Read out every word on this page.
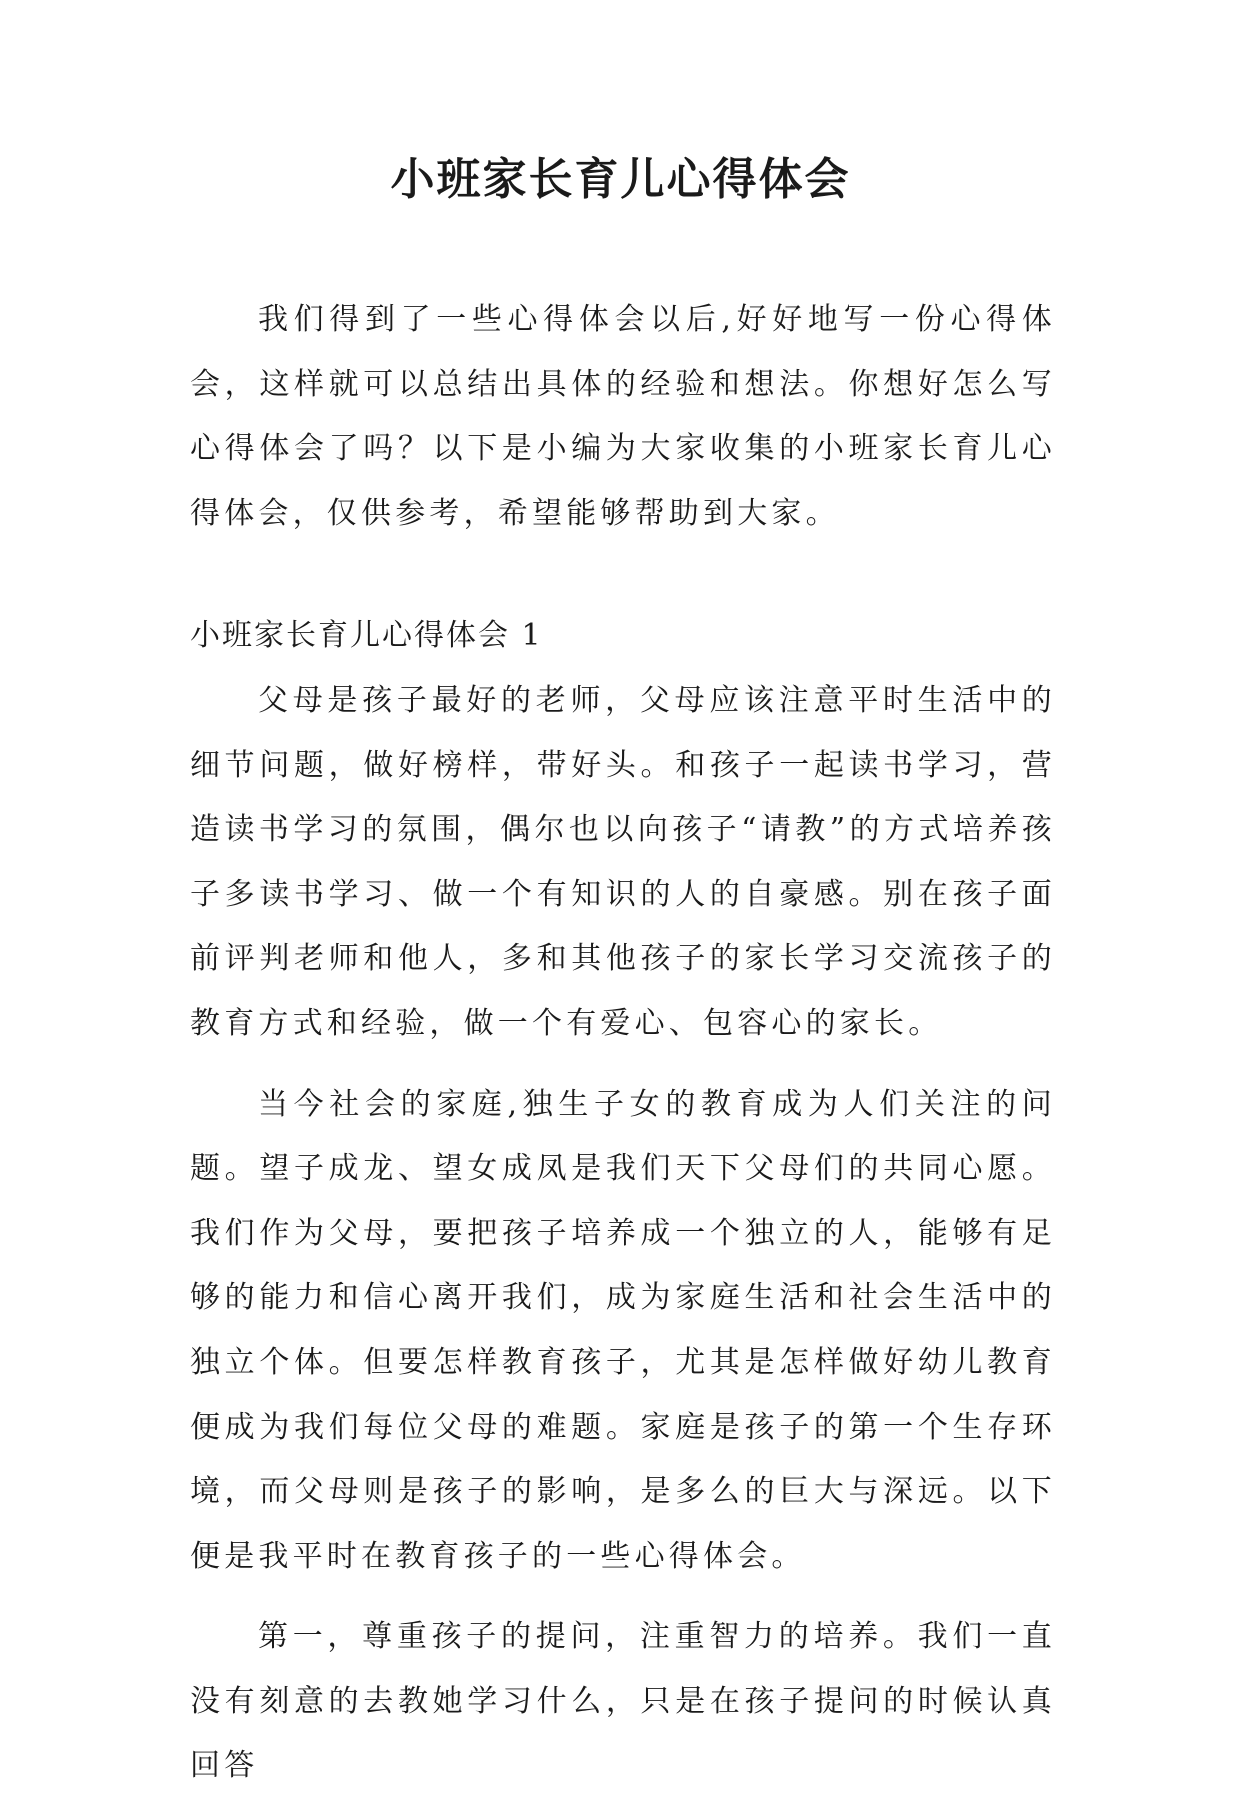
小班家长育儿心得体会

我们得到了一些心得体会以后,好好地写一份心得体会，这样就可以总结出具体的经验和想法。你想好怎么写心得体会了吗？以下是小编为大家收集的小班家长育儿心得体会，仅供参考，希望能够帮助到大家。

小班家长育儿心得体会 1

父母是孩子最好的老师，父母应该注意平时生活中的细节问题，做好榜样，带好头。和孩子一起读书学习，营造读书学习的氛围，偶尔也以向孩子“请教”的方式培养孩子多读书学习、做一个有知识的人的自豪感。别在孩子面前评判老师和他人，多和其他孩子的家长学习交流孩子的教育方式和经验，做一个有爱心、包容心的家长。

当今社会的家庭,独生子女的教育成为人们关注的问题。望子成龙、望女成凤是我们天下父母们的共同心愿。我们作为父母，要把孩子培养成一个独立的人，能够有足够的能力和信心离开我们，成为家庭生活和社会生活中的独立个体。但要怎样教育孩子，尤其是怎样做好幼儿教育便成为我们每位父母的难题。家庭是孩子的第一个生存环境，而父母则是孩子的影响，是多么的巨大与深远。以下便是我平时在教育孩子的一些心得体会。

第一，尊重孩子的提问，注重智力的培养。我们一直没有刻意的去教她学习什么，只是在孩子提问的时候认真回答
